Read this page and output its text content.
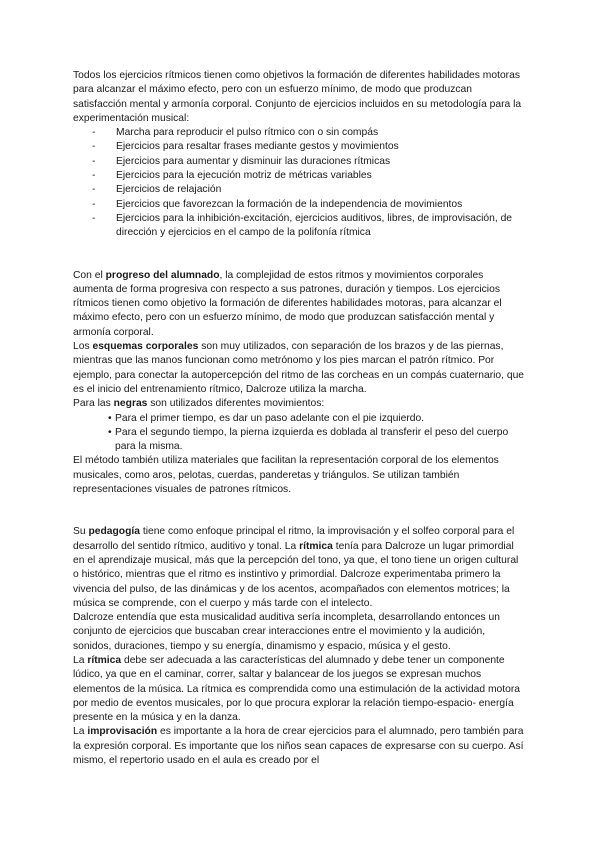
Todos los ejercicios rítmicos tienen como objetivos la formación de diferentes habilidades motoras para alcanzar el máximo efecto, pero con un esfuerzo mínimo, de modo que produzcan satisfacción mental y armonía corporal. Conjunto de ejercicios incluidos en su metodología para la experimentación musical:

- Marcha para reproducir el pulso rítmico con o sin compás
- Ejercicios para resaltar frases mediante gestos y movimientos
- Ejercicios para aumentar y disminuir las duraciones rítmicas
- Ejercicios para la ejecución motriz de métricas variables
- Ejercicios de relajación
- Ejercicios que favorezcan la formación de la independencia de movimientos
- Ejercicios para la inhibición-excitación, ejercicios auditivos, libres, de improvisación, de dirección y ejercicios en el campo de la polifonía rítmica

Con el progreso del alumnado, la complejidad de estos ritmos y movimientos corporales aumenta de forma progresiva con respecto a sus patrones, duración y tiempos. Los ejercicios rítmicos tienen como objetivo la formación de diferentes habilidades motoras, para alcanzar el máximo efecto, pero con un esfuerzo mínimo, de modo que produzcan satisfacción mental y armonía corporal.

Los esquemas corporales son muy utilizados, con separación de los brazos y de las piernas, mientras que las manos funcionan como metrónomo y los pies marcan el patrón rítmico. Por ejemplo, para conectar la autopercepción del ritmo de las corcheas en un compás cuaternario, que es el inicio del entrenamiento rítmico, Dalcroze utiliza la marcha.

Para las negras son utilizados diferentes movimientos:

• Para el primer tiempo, es dar un paso adelante con el pie izquierdo.
• Para el segundo tiempo, la pierna izquierda es doblada al transferir el peso del cuerpo para la misma.

El método también utiliza materiales que facilitan la representación corporal de los elementos musicales, como aros, pelotas, cuerdas, panderetas y triángulos. Se utilizan también representaciones visuales de patrones rítmicos.

Su pedagogía tiene como enfoque principal el ritmo, la improvisación y el solfeo corporal para el desarrollo del sentido rítmico, auditivo y tonal. La rítmica tenía para Dalcroze un lugar primordial en el aprendizaje musical, más que la percepción del tono, ya que, el tono tiene un origen cultural o histórico, mientras que el ritmo es instintivo y primordial. Dalcroze experimentaba primero la vivencia del pulso, de las dinámicas y de los acentos, acompañados con elementos motrices; la música se comprende, con el cuerpo y más tarde con el intelecto.

Dalcroze entendía que esta musicalidad auditiva sería incompleta, desarrollando entonces un conjunto de ejercicios que buscaban crear interacciones entre el movimiento y la audición, sonidos, duraciones, tiempo y su energía, dinamismo y espacio, música y el gesto.

La rítmica debe ser adecuada a las características del alumnado y debe tener un componente lúdico, ya que en el caminar, correr, saltar y balancear de los juegos se expresan muchos elementos de la música. La rítmica es comprendida como una estimulación de la actividad motora por medio de eventos musicales, por lo que procura explorar la relación tiempo-espacio- energía presente en la música y en la danza.

La improvisación es importante a la hora de crear ejercicios para el alumnado, pero también para la expresión corporal. Es importante que los niños sean capaces de expresarse con su cuerpo. Así mismo, el repertorio usado en el aula es creado por el
